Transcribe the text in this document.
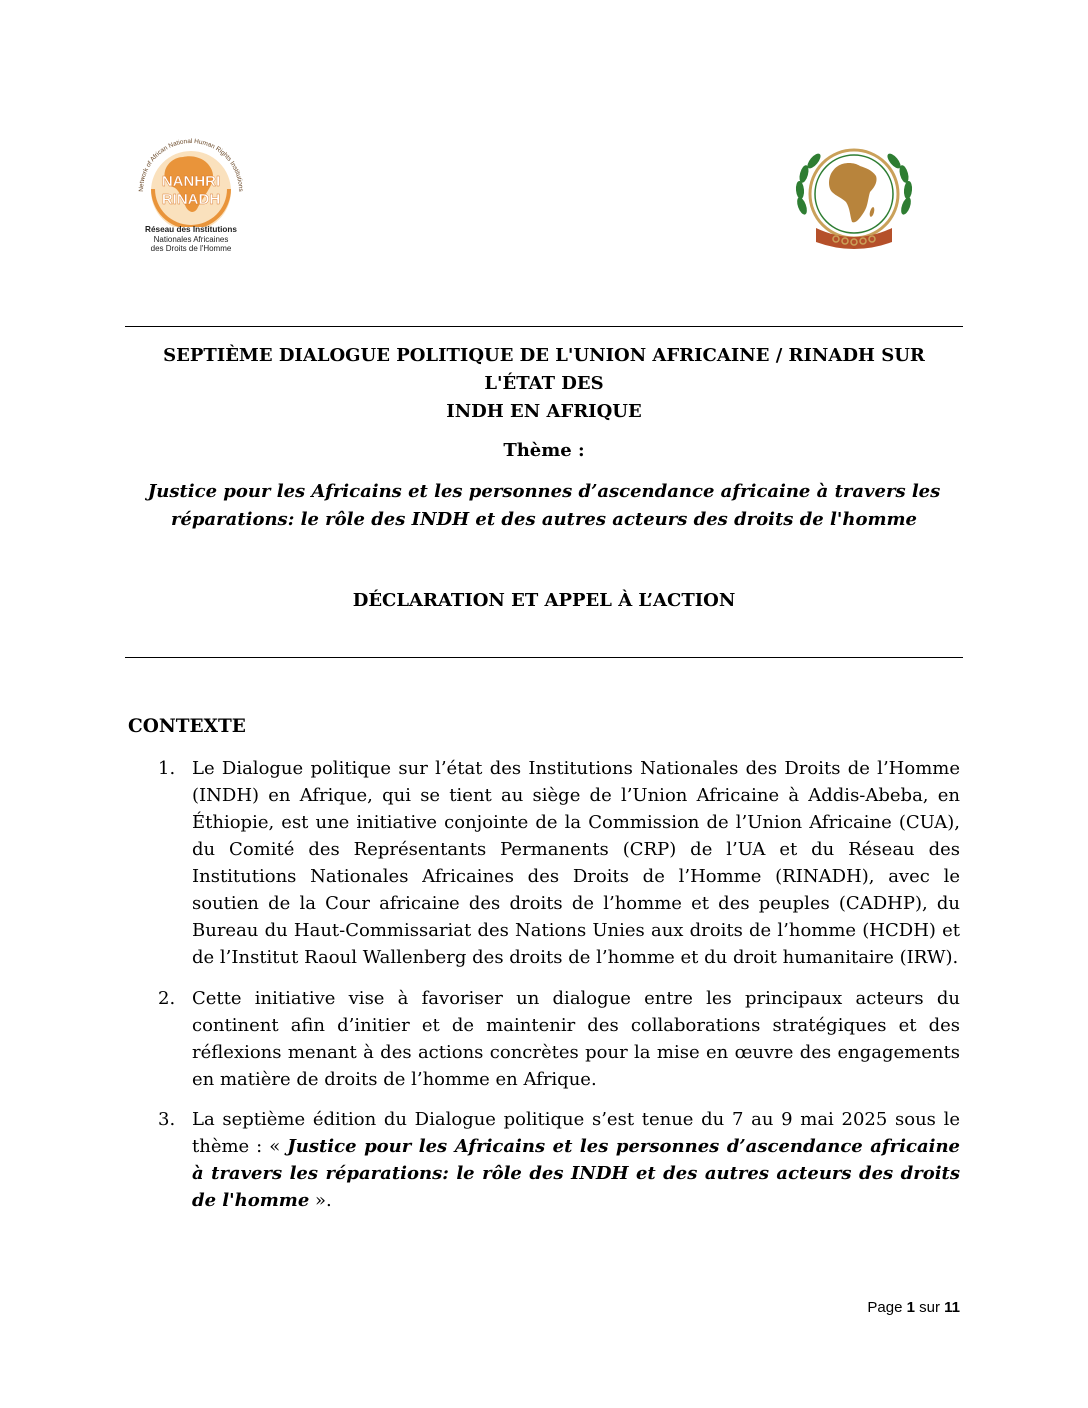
Network of African National Human Rights Institutions
NANHRI
RINADH
Réseau des Institutions
Nationales Africaines
des Droits de l'Homme
SEPTIÈME DIALOGUE POLITIQUE DE L'UNION AFRICAINE / RINADH SUR L'ÉTAT DES
INDH EN AFRIQUE
Thème :
Justice pour les Africains et les personnes d’ascendance africaine à travers les
réparations: le rôle des INDH et des autres acteurs des droits de l'homme
DÉCLARATION ET APPEL À L’ACTION
CONTEXTE
1. Le Dialogue politique sur l’état des Institutions Nationales des Droits de l’Homme (INDH) en Afrique, qui se tient au siège de l’Union Africaine à Addis-Abeba, en Éthiopie, est une initiative conjointe de la Commission de l’Union Africaine (CUA), du Comité des Représentants Permanents (CRP) de l’UA et du Réseau des Institutions Nationales Africaines des Droits de l’Homme (RINADH), avec le soutien de la Cour africaine des droits de l’homme et des peuples (CADHP), du Bureau du Haut-Commissariat des Nations Unies aux droits de l’homme (HCDH) et de l’Institut Raoul Wallenberg des droits de l’homme et du droit humanitaire (IRW).
2. Cette initiative vise à favoriser un dialogue entre les principaux acteurs du continent afin d’initier et de maintenir des collaborations stratégiques et des réflexions menant à des actions concrètes pour la mise en œuvre des engagements en matière de droits de l’homme en Afrique.
3. La septième édition du Dialogue politique s’est tenue du 7 au 9 mai 2025 sous le thème : « Justice pour les Africains et les personnes d’ascendance africaine à travers les réparations: le rôle des INDH et des autres acteurs des droits de l'homme ».
Page 1 sur 11
